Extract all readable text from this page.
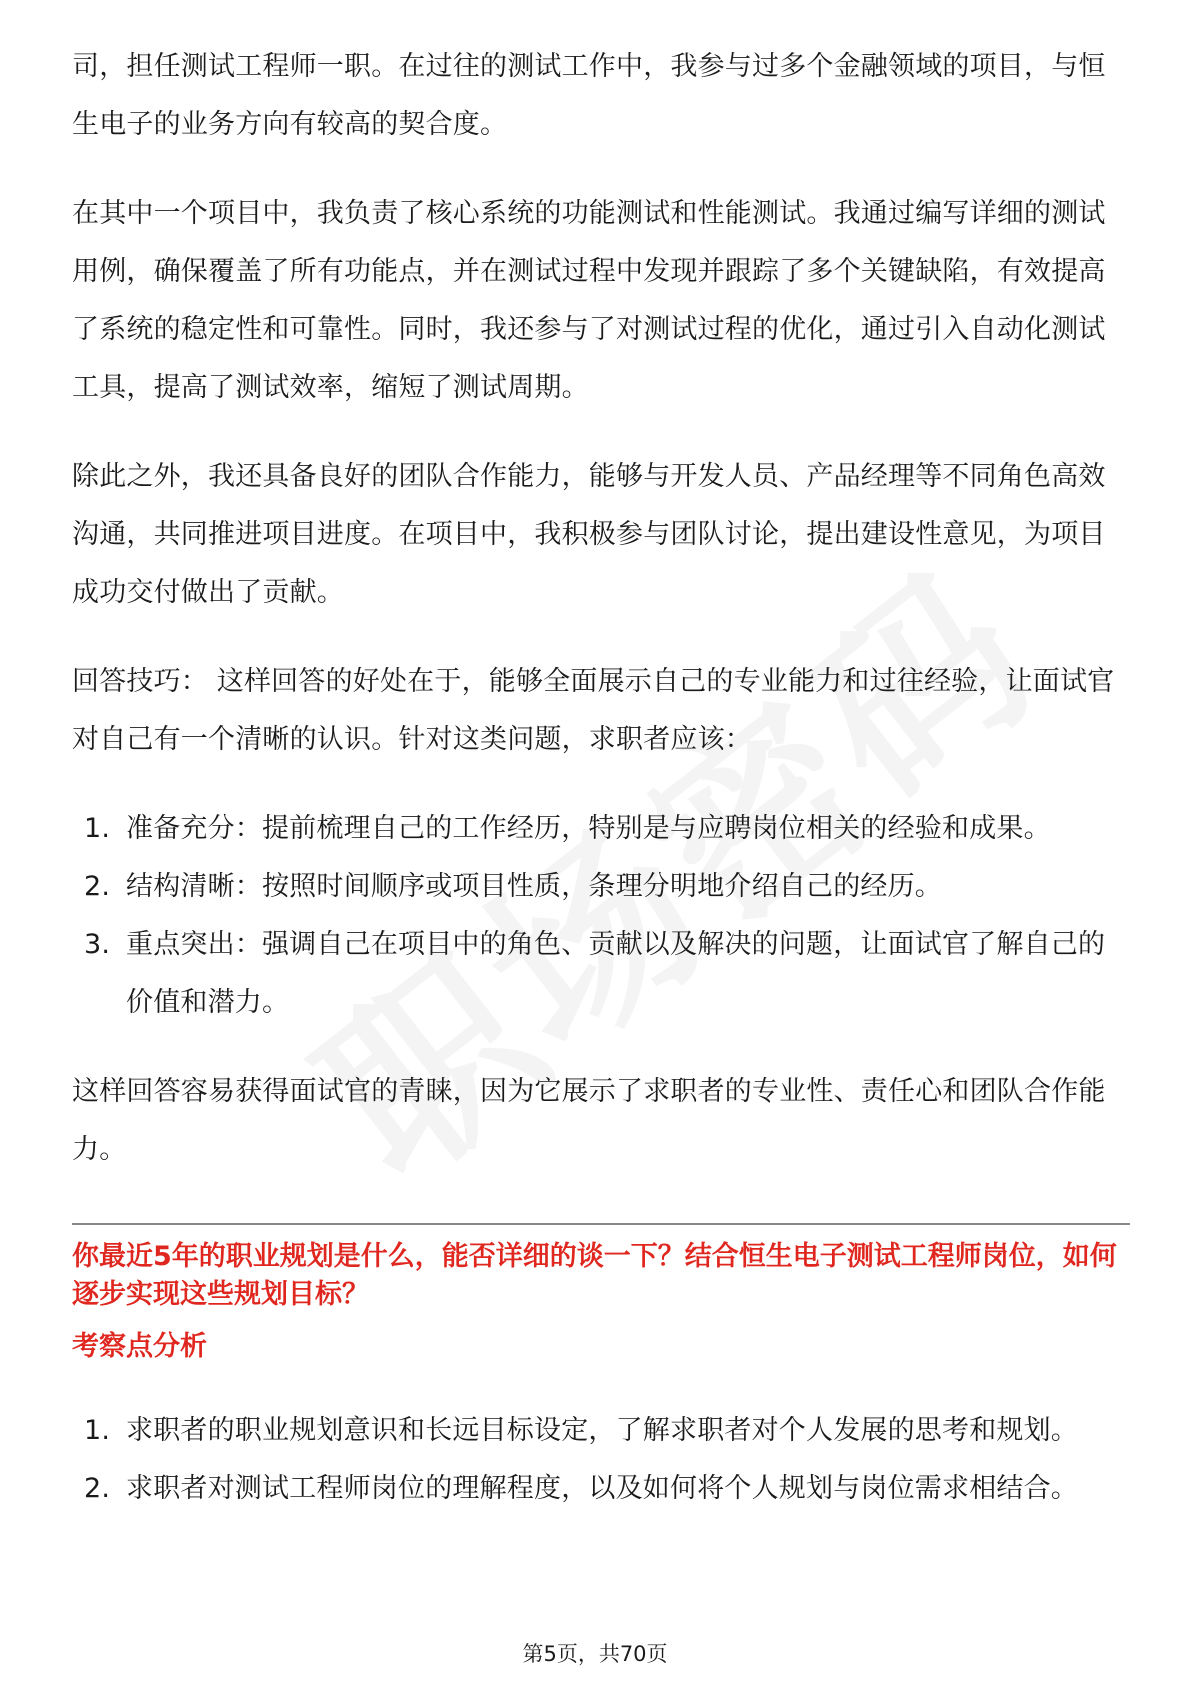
司，担任测试工程师一职。在过往的测试工作中，我参与过多个金融领域的项目，与恒生电子的业务方向有较高的契合度。

在其中一个项目中，我负责了核心系统的功能测试和性能测试。我通过编写详细的测试用例，确保覆盖了所有功能点，并在测试过程中发现并跟踪了多个关键缺陷，有效提高了系统的稳定性和可靠性。同时，我还参与了对测试过程的优化，通过引入自动化测试工具，提高了测试效率，缩短了测试周期。

除此之外，我还具备良好的团队合作能力，能够与开发人员、产品经理等不同角色高效沟通，共同推进项目进度。在项目中，我积极参与团队讨论，提出建设性意见，为项目成功交付做出了贡献。

回答技巧： 这样回答的好处在于，能够全面展示自己的专业能力和过往经验，让面试官对自己有一个清晰的认识。针对这类问题，求职者应该：

1. 准备充分：提前梳理自己的工作经历，特别是与应聘岗位相关的经验和成果。
2. 结构清晰：按照时间顺序或项目性质，条理分明地介绍自己的经历。
3. 重点突出：强调自己在项目中的角色、贡献以及解决的问题，让面试官了解自己的价值和潜力。

这样回答容易获得面试官的青睐，因为它展示了求职者的专业性、责任心和团队合作能力。

你最近5年的职业规划是什么，能否详细的谈一下？结合恒生电子测试工程师岗位，如何逐步实现这些规划目标？

考察点分析

1. 求职者的职业规划意识和长远目标设定，了解求职者对个人发展的思考和规划。
2. 求职者对测试工程师岗位的理解程度，以及如何将个人规划与岗位需求相结合。
第5页，共70页
